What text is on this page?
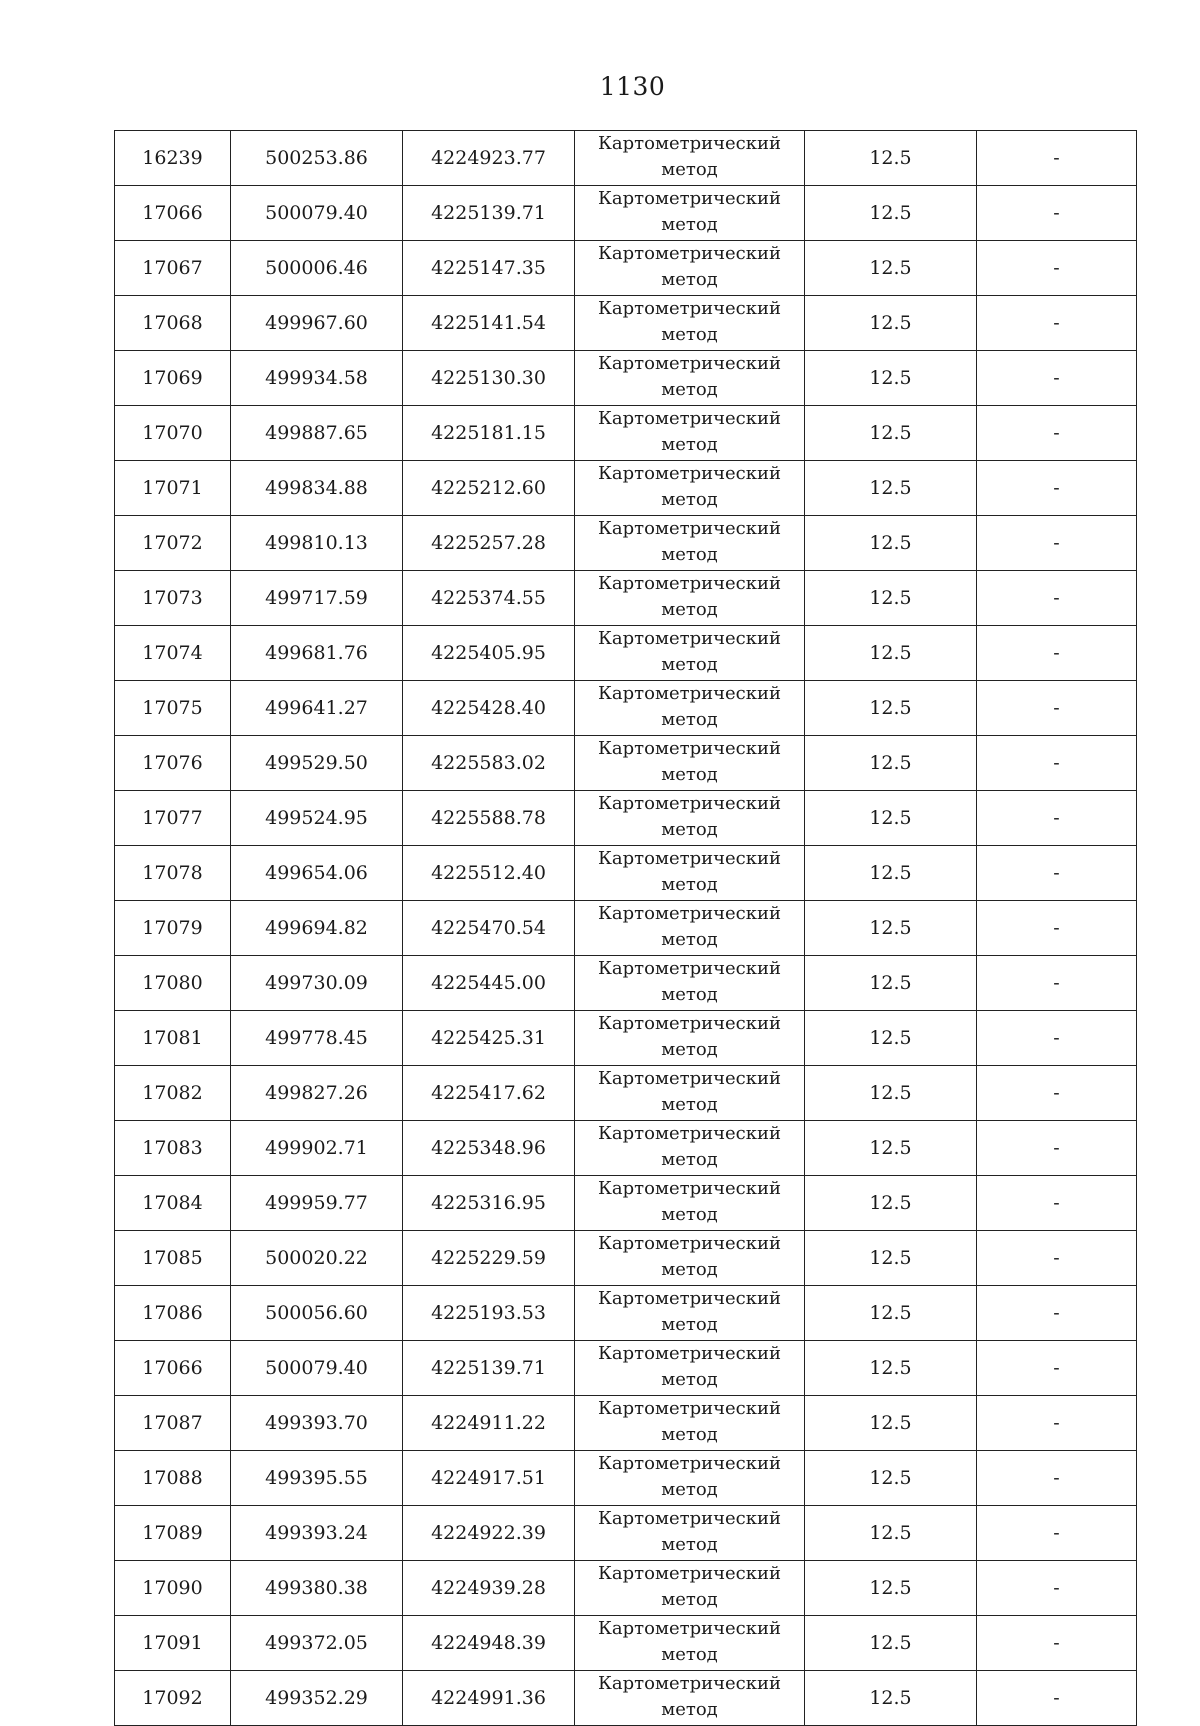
1130
16239	500253.86	4224923.77	Картометрический
метод	12.5	-
17066	500079.40	4225139.71	Картометрический
метод	12.5	-
17067	500006.46	4225147.35	Картометрический
метод	12.5	-
17068	499967.60	4225141.54	Картометрический
метод	12.5	-
17069	499934.58	4225130.30	Картометрический
метод	12.5	-
17070	499887.65	4225181.15	Картометрический
метод	12.5	-
17071	499834.88	4225212.60	Картометрический
метод	12.5	-
17072	499810.13	4225257.28	Картометрический
метод	12.5	-
17073	499717.59	4225374.55	Картометрический
метод	12.5	-
17074	499681.76	4225405.95	Картометрический
метод	12.5	-
17075	499641.27	4225428.40	Картометрический
метод	12.5	-
17076	499529.50	4225583.02	Картометрический
метод	12.5	-
17077	499524.95	4225588.78	Картометрический
метод	12.5	-
17078	499654.06	4225512.40	Картометрический
метод	12.5	-
17079	499694.82	4225470.54	Картометрический
метод	12.5	-
17080	499730.09	4225445.00	Картометрический
метод	12.5	-
17081	499778.45	4225425.31	Картометрический
метод	12.5	-
17082	499827.26	4225417.62	Картометрический
метод	12.5	-
17083	499902.71	4225348.96	Картометрический
метод	12.5	-
17084	499959.77	4225316.95	Картометрический
метод	12.5	-
17085	500020.22	4225229.59	Картометрический
метод	12.5	-
17086	500056.60	4225193.53	Картометрический
метод	12.5	-
17066	500079.40	4225139.71	Картометрический
метод	12.5	-
17087	499393.70	4224911.22	Картометрический
метод	12.5	-
17088	499395.55	4224917.51	Картометрический
метод	12.5	-
17089	499393.24	4224922.39	Картометрический
метод	12.5	-
17090	499380.38	4224939.28	Картометрический
метод	12.5	-
17091	499372.05	4224948.39	Картометрический
метод	12.5	-
17092	499352.29	4224991.36	Картометрический
метод	12.5	-
